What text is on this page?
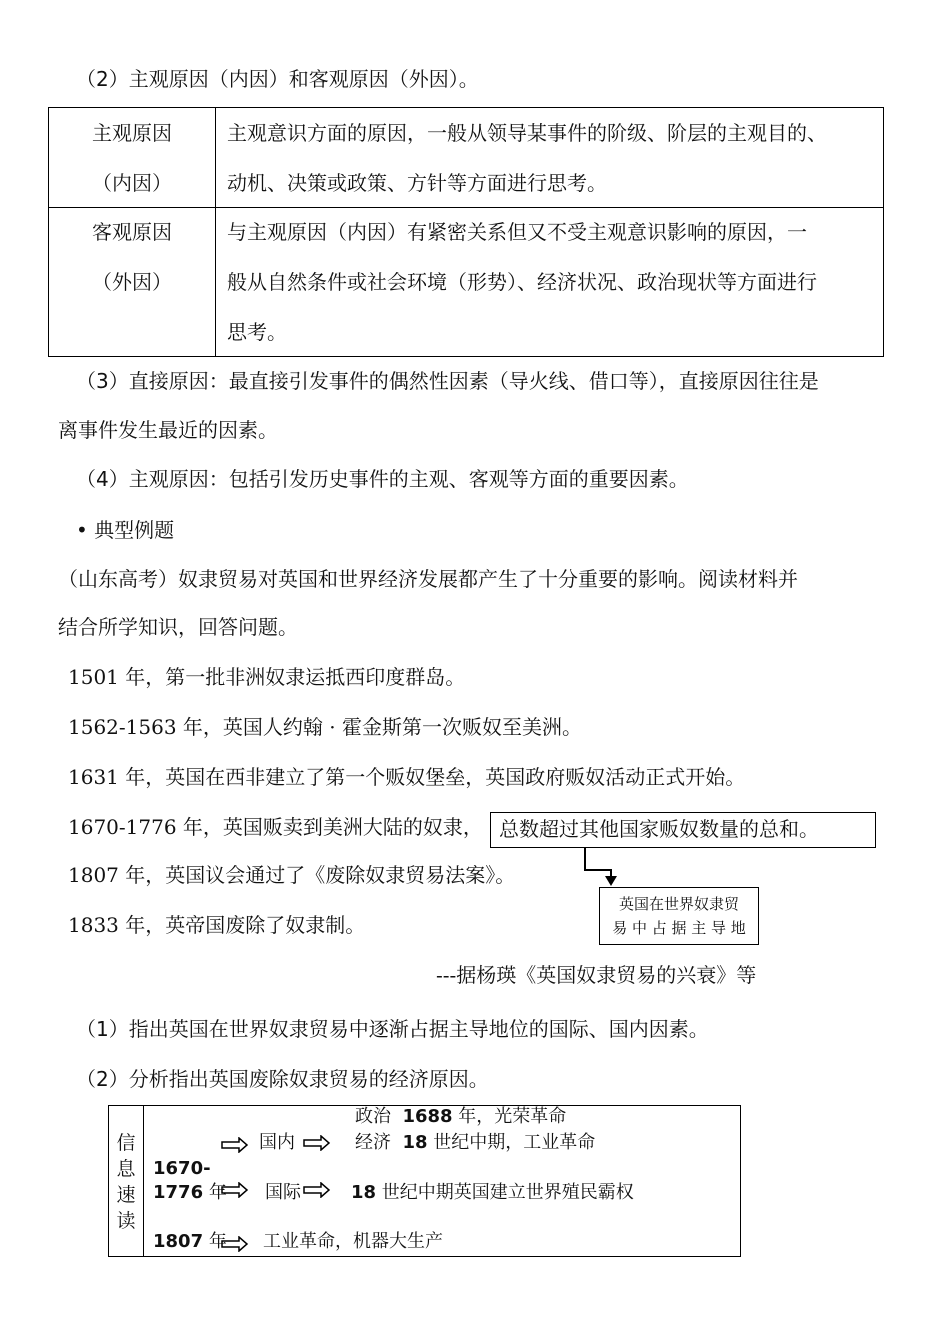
（2）主观原因（内因）和客观原因（外因）。
主观原因
（内因）
主观意识方面的原因，一般从领导某事件的阶级、阶层的主观目的、
动机、决策或政策、方针等方面进行思考。
客观原因
（外因）
与主观原因（内因）有紧密关系但又不受主观意识影响的原因，一
般从自然条件或社会环境（形势）、经济状况、政治现状等方面进行
思考。
（3）直接原因：最直接引发事件的偶然性因素（导火线、借口等），直接原因往往是
离事件发生最近的因素。
（4）主观原因：包括引发历史事件的主观、客观等方面的重要因素。
• 典型例题
（山东高考）奴隶贸易对英国和世界经济发展都产生了十分重要的影响。阅读材料并
结合所学知识，回答问题。
1501 年，第一批非洲奴隶运抵西印度群岛。
1562-1563 年，英国人约翰 · 霍金斯第一次贩奴至美洲。
1631 年，英国在西非建立了第一个贩奴堡垒，英国政府贩奴活动正式开始。
1670-1776 年，英国贩卖到美洲大陆的奴隶， 总数超过其他国家贩奴数量的总和。
1807 年，英国议会通过了《废除奴隶贸易法案》。
1833 年，英帝国废除了奴隶制。
英国在世界奴隶贸
易 中 占 据 主 导 地
---据杨瑛《英国奴隶贸易的兴衰》等
（1）指出英国在世界奴隶贸易中逐渐占据主导地位的国际、国内因素。
（2）分析指出英国废除奴隶贸易的经济原因。
信
息
速
读
政治 1688 年，光荣革命
国内	经济 18 世纪中期，工业革命
1670-
1776 年 国际	18 世纪中期英国建立世界殖民霸权
1807 年 工业革命，机器大生产
